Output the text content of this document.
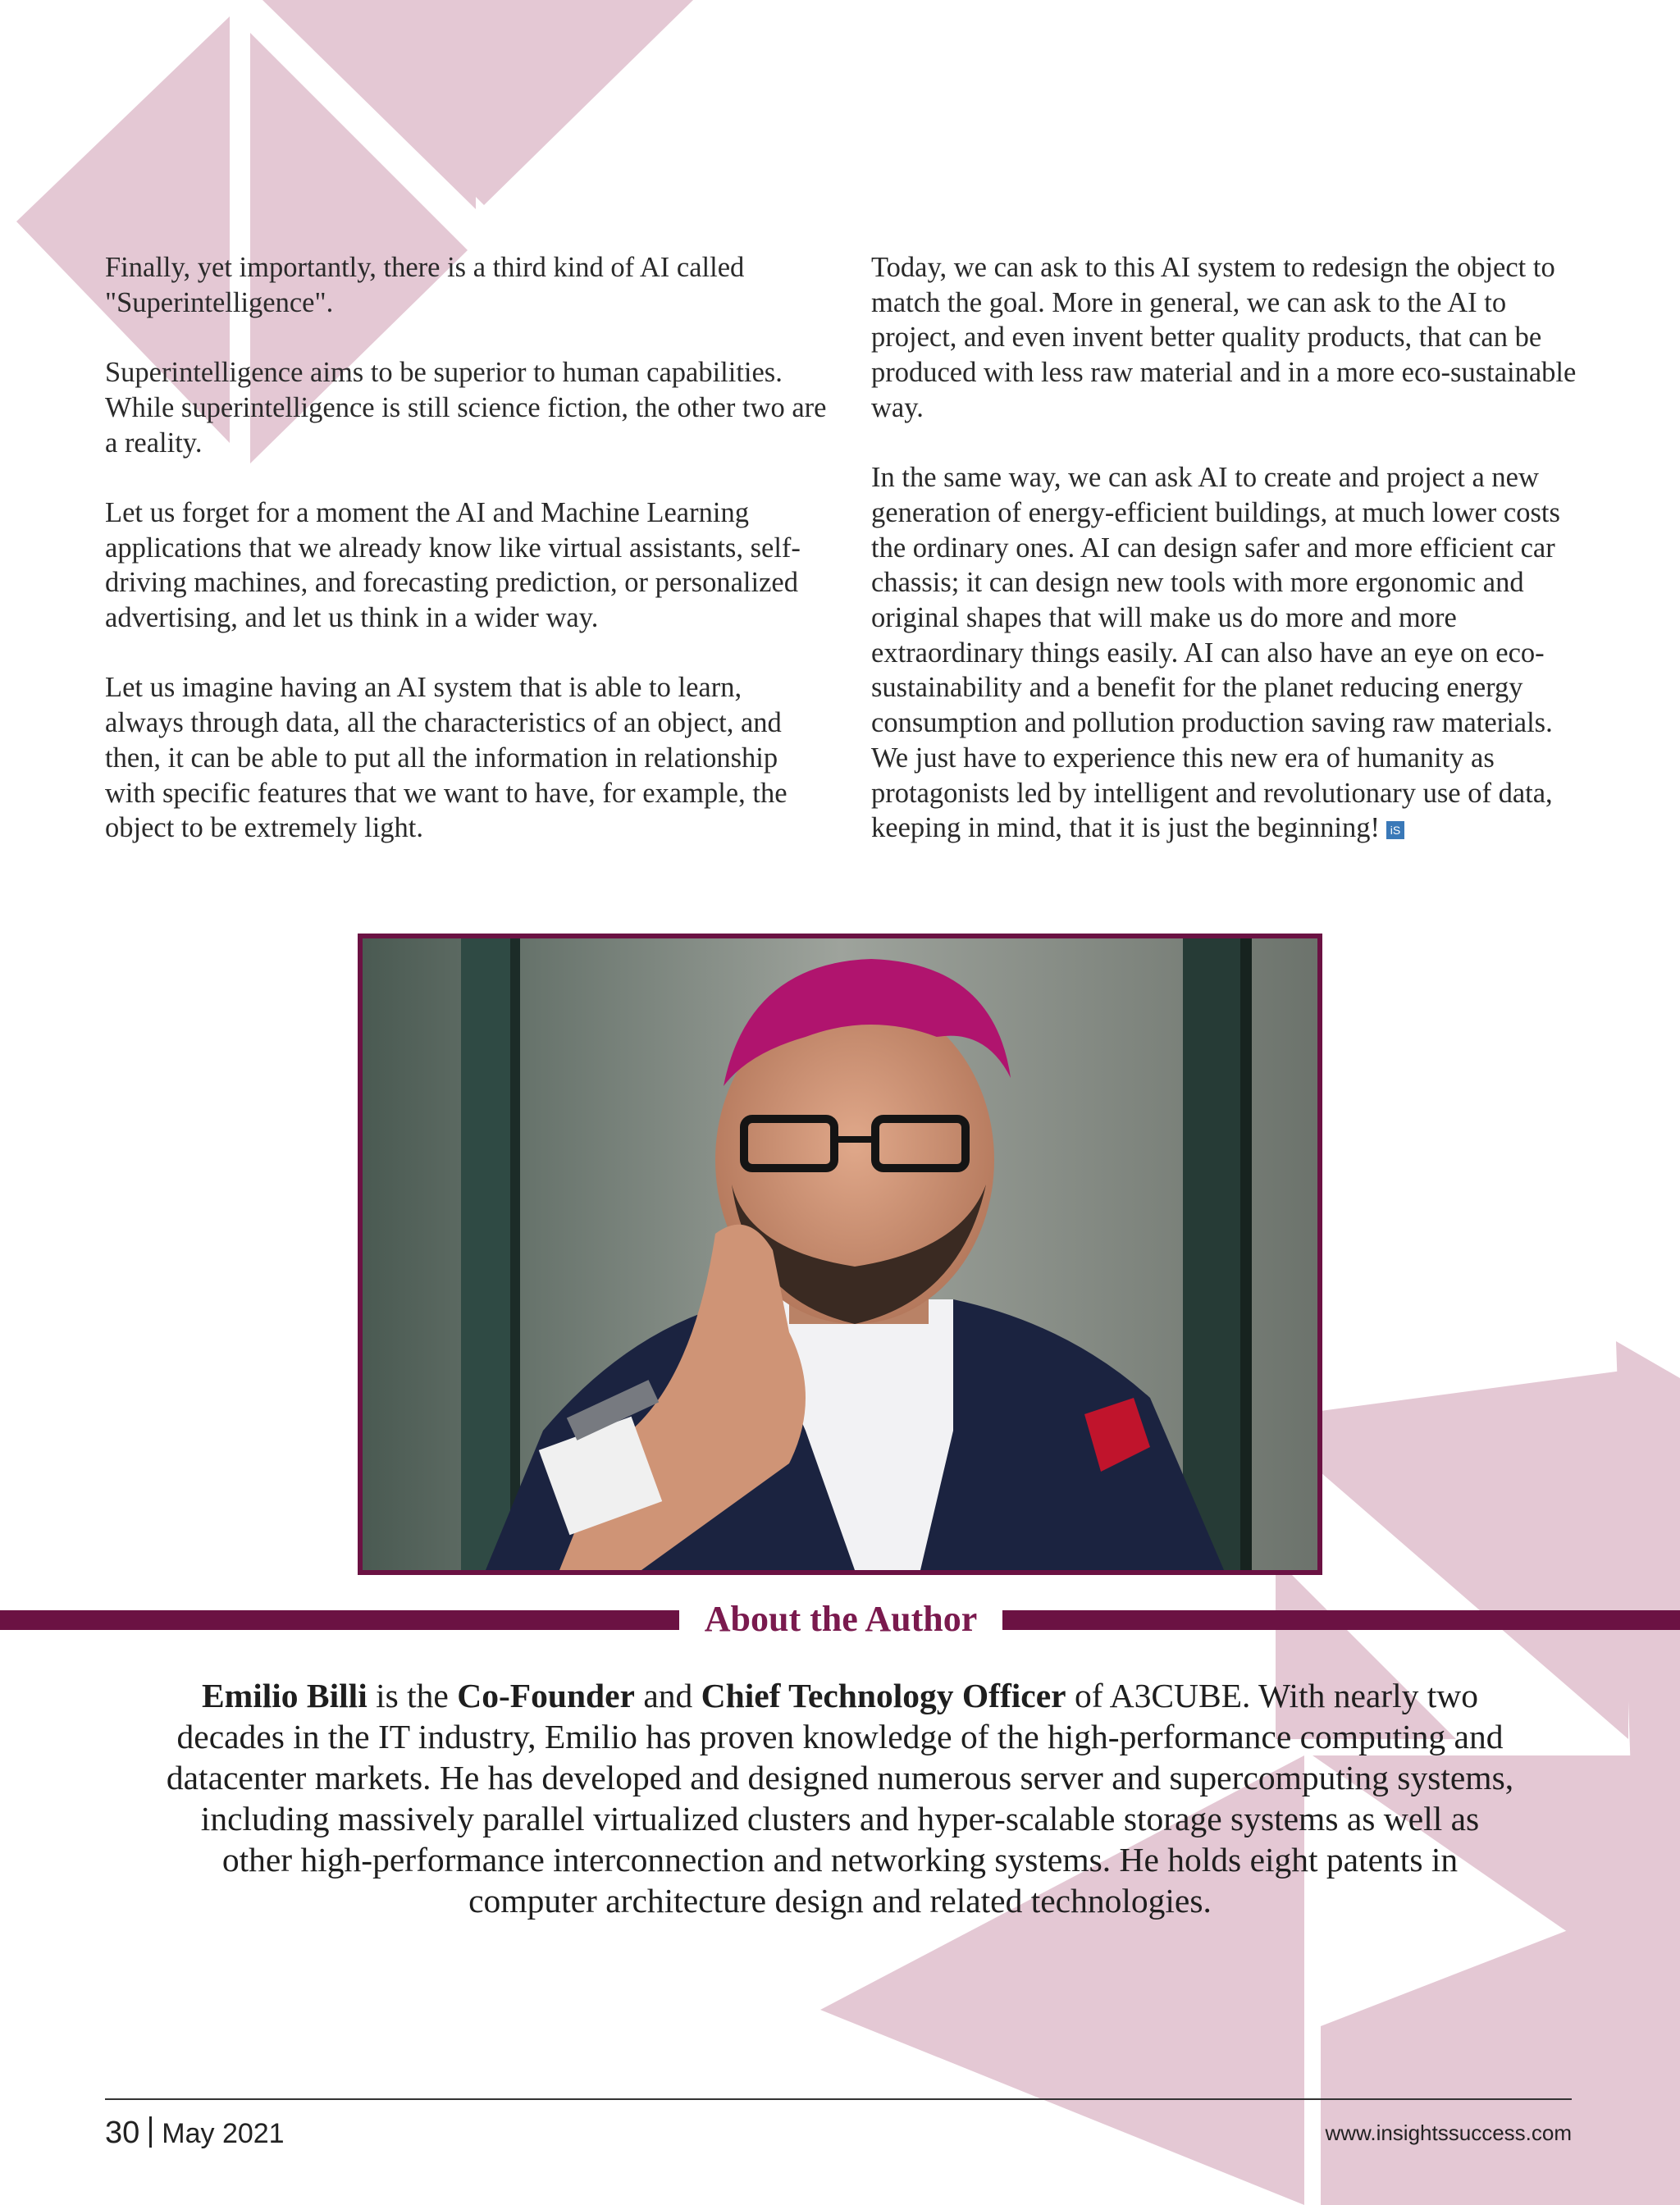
Finally, yet importantly, there is a third kind of AI called "Superintelligence".

Superintelligence aims to be superior to human capabilities. While superintelligence is still science fiction, the other two are a reality.

Let us forget for a moment the AI and Machine Learning applications that we already know like virtual assistants, self-driving machines, and forecasting prediction, or personalized advertising, and let us think in a wider way.

Let us imagine having an AI system that is able to learn, always through data, all the characteristics of an object, and then, it can be able to put all the information in relationship with specific features that we want to have, for example, the object to be extremely light.

Today, we can ask to this AI system to redesign the object to match the goal. More in general, we can ask to the AI to project, and even invent better quality products, that can be produced with less raw material and in a more eco-sustainable way.

In the same way, we can ask AI to create and project a new generation of energy-efficient buildings, at much lower costs the ordinary ones. AI can design safer and more efficient car chassis; it can design new tools with more ergonomic and original shapes that will make us do more and more extraordinary things easily. AI can also have an eye on eco-sustainability and a benefit for the planet reducing energy consumption and pollution production saving raw materials. We just have to experience this new era of humanity as protagonists led by intelligent and revolutionary use of data, keeping in mind, that it is just the beginning! iS

About the Author
Emilio Billi is the Co-Founder and Chief Technology Officer of A3CUBE. With nearly two decades in the IT industry, Emilio has proven knowledge of the high-performance computing and datacenter markets. He has developed and designed numerous server and supercomputing systems, including massively parallel virtualized clusters and hyper-scalable storage systems as well as other high-performance interconnection and networking systems. He holds eight patents in computer architecture design and related technologies.
30 May 2021	www.insightssuccess.com
